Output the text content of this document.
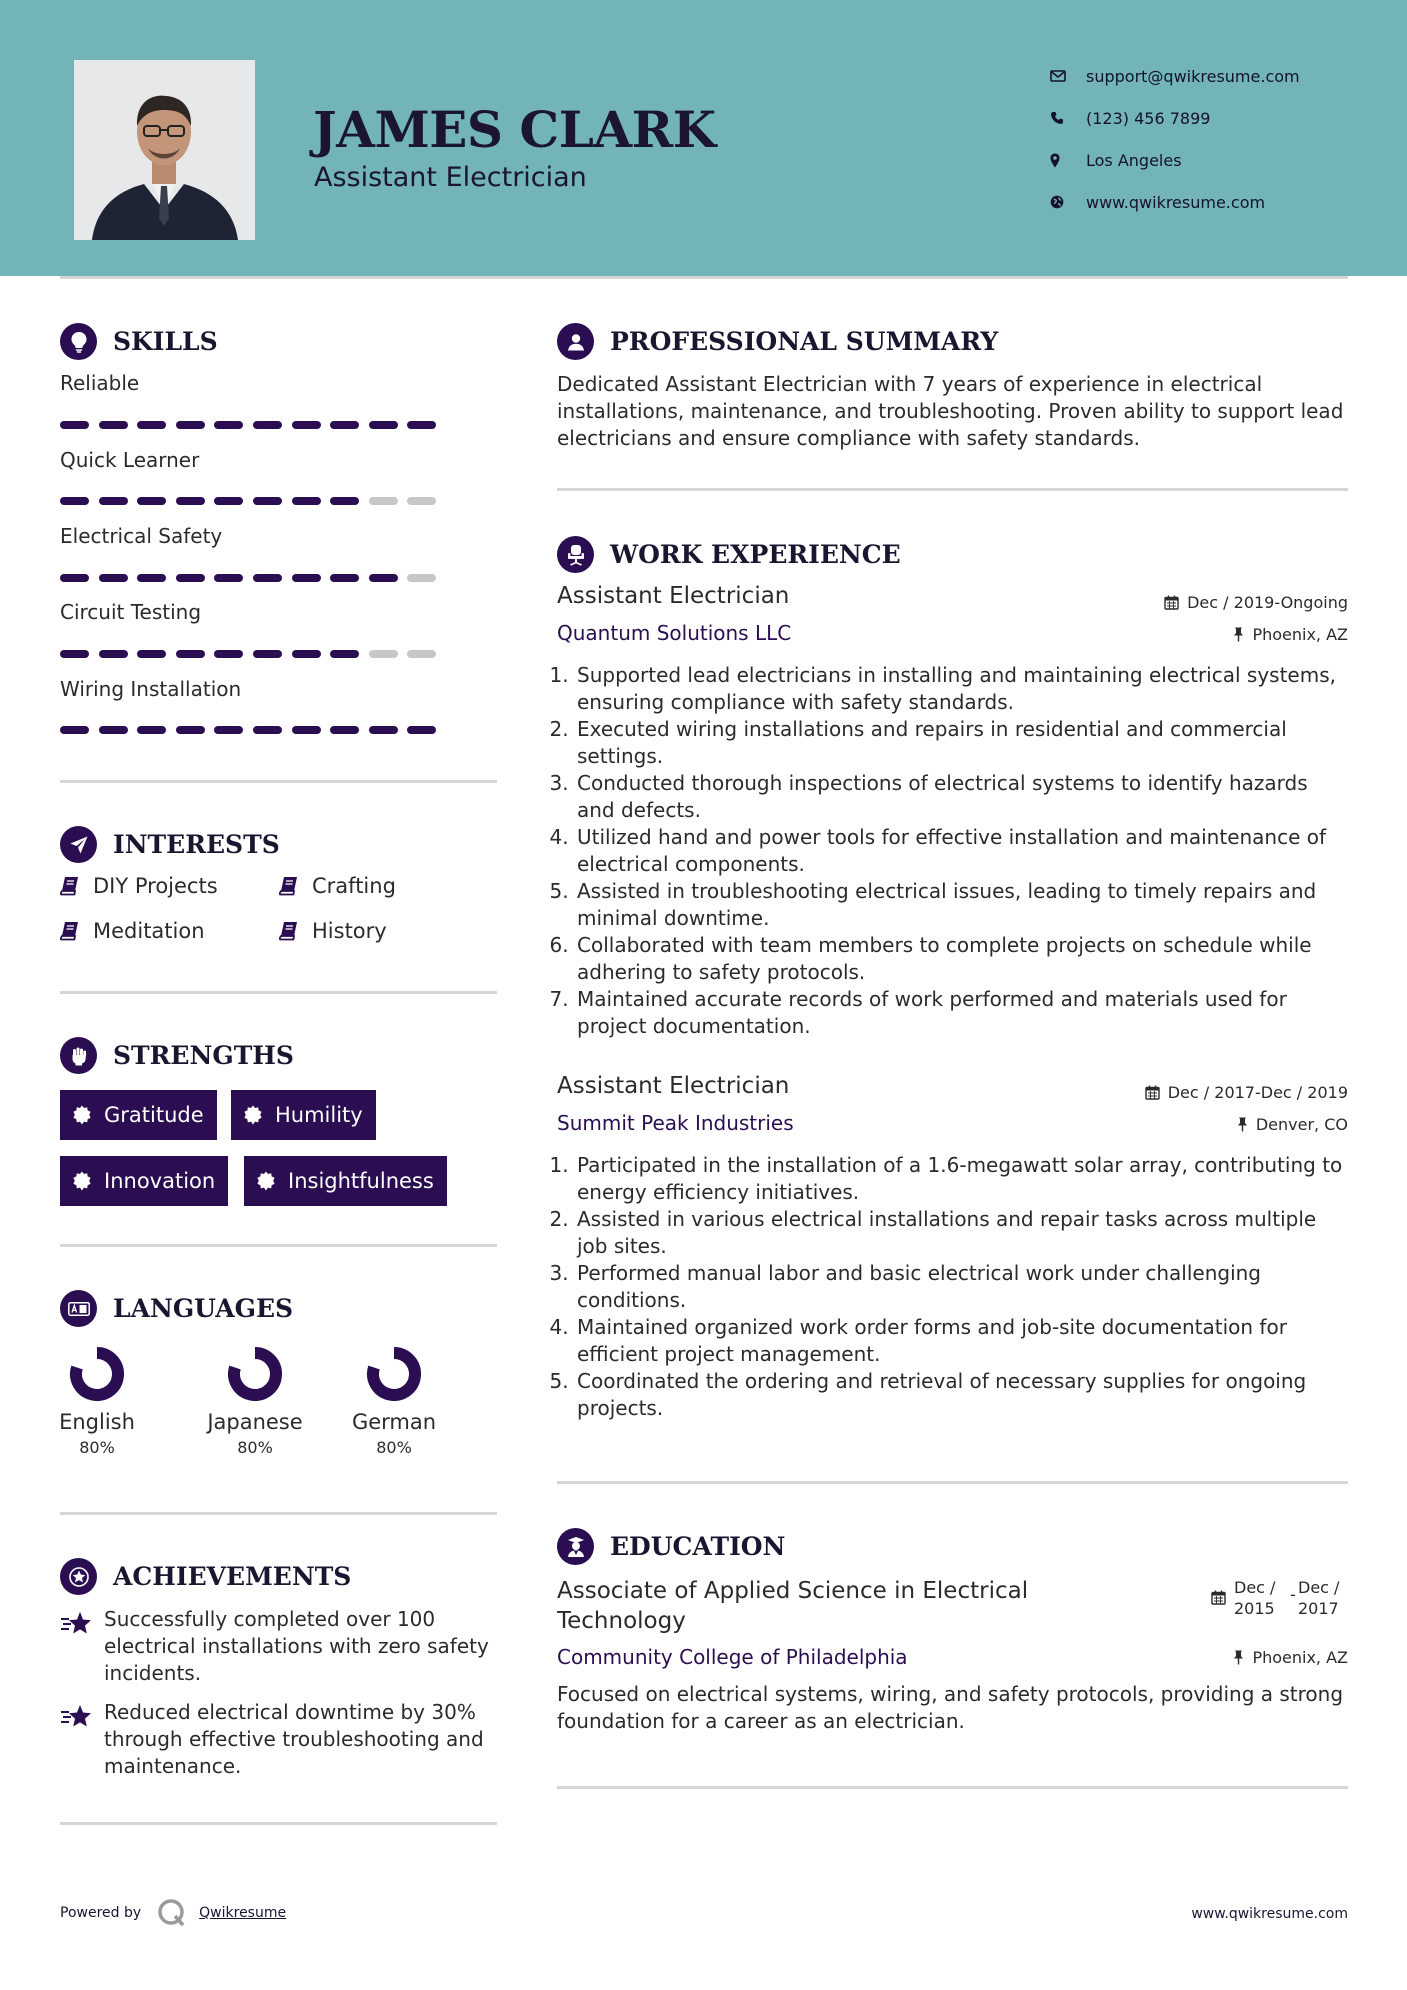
JAMES CLARK
Assistant Electrician
support@qwikresume.com
(123) 456 7899
Los Angeles
www.qwikresume.com
SKILLS
Reliable
Quick Learner
Electrical Safety
Circuit Testing
Wiring Installation
INTERESTS
DIY Projects	Crafting
Meditation	History
STRENGTHS
Gratitude	Humility
Innovation	Insightfulness
LANGUAGES
English
80%
Japanese
80%
German
80%
ACHIEVEMENTS
Successfully completed over 100 electrical installations with zero safety incidents.
Reduced electrical downtime by 30% through effective troubleshooting and maintenance.
PROFESSIONAL SUMMARY
Dedicated Assistant Electrician with 7 years of experience in electrical installations, maintenance, and troubleshooting. Proven ability to support lead electricians and ensure compliance with safety standards.
WORK EXPERIENCE
Assistant Electrician	Dec / 2019-Ongoing
Quantum Solutions LLC	Phoenix, AZ
1. Supported lead electricians in installing and maintaining electrical systems, ensuring compliance with safety standards.
2. Executed wiring installations and repairs in residential and commercial settings.
3. Conducted thorough inspections of electrical systems to identify hazards and defects.
4. Utilized hand and power tools for effective installation and maintenance of electrical components.
5. Assisted in troubleshooting electrical issues, leading to timely repairs and minimal downtime.
6. Collaborated with team members to complete projects on schedule while adhering to safety protocols.
7. Maintained accurate records of work performed and materials used for project documentation.
Assistant Electrician	Dec / 2017-Dec / 2019
Summit Peak Industries	Denver, CO
1. Participated in the installation of a 1.6-megawatt solar array, contributing to energy efficiency initiatives.
2. Assisted in various electrical installations and repair tasks across multiple job sites.
3. Performed manual labor and basic electrical work under challenging conditions.
4. Maintained organized work order forms and job-site documentation for efficient project management.
5. Coordinated the ordering and retrieval of necessary supplies for ongoing projects.
EDUCATION
Associate of Applied Science in Electrical
Technology
Dec /
2015
- Dec /
2017
Community College of Philadelphia	Phoenix, AZ
Focused on electrical systems, wiring, and safety protocols, providing a strong foundation for a career as an electrician.
Powered by	Qwikresume	www.qwikresume.com
